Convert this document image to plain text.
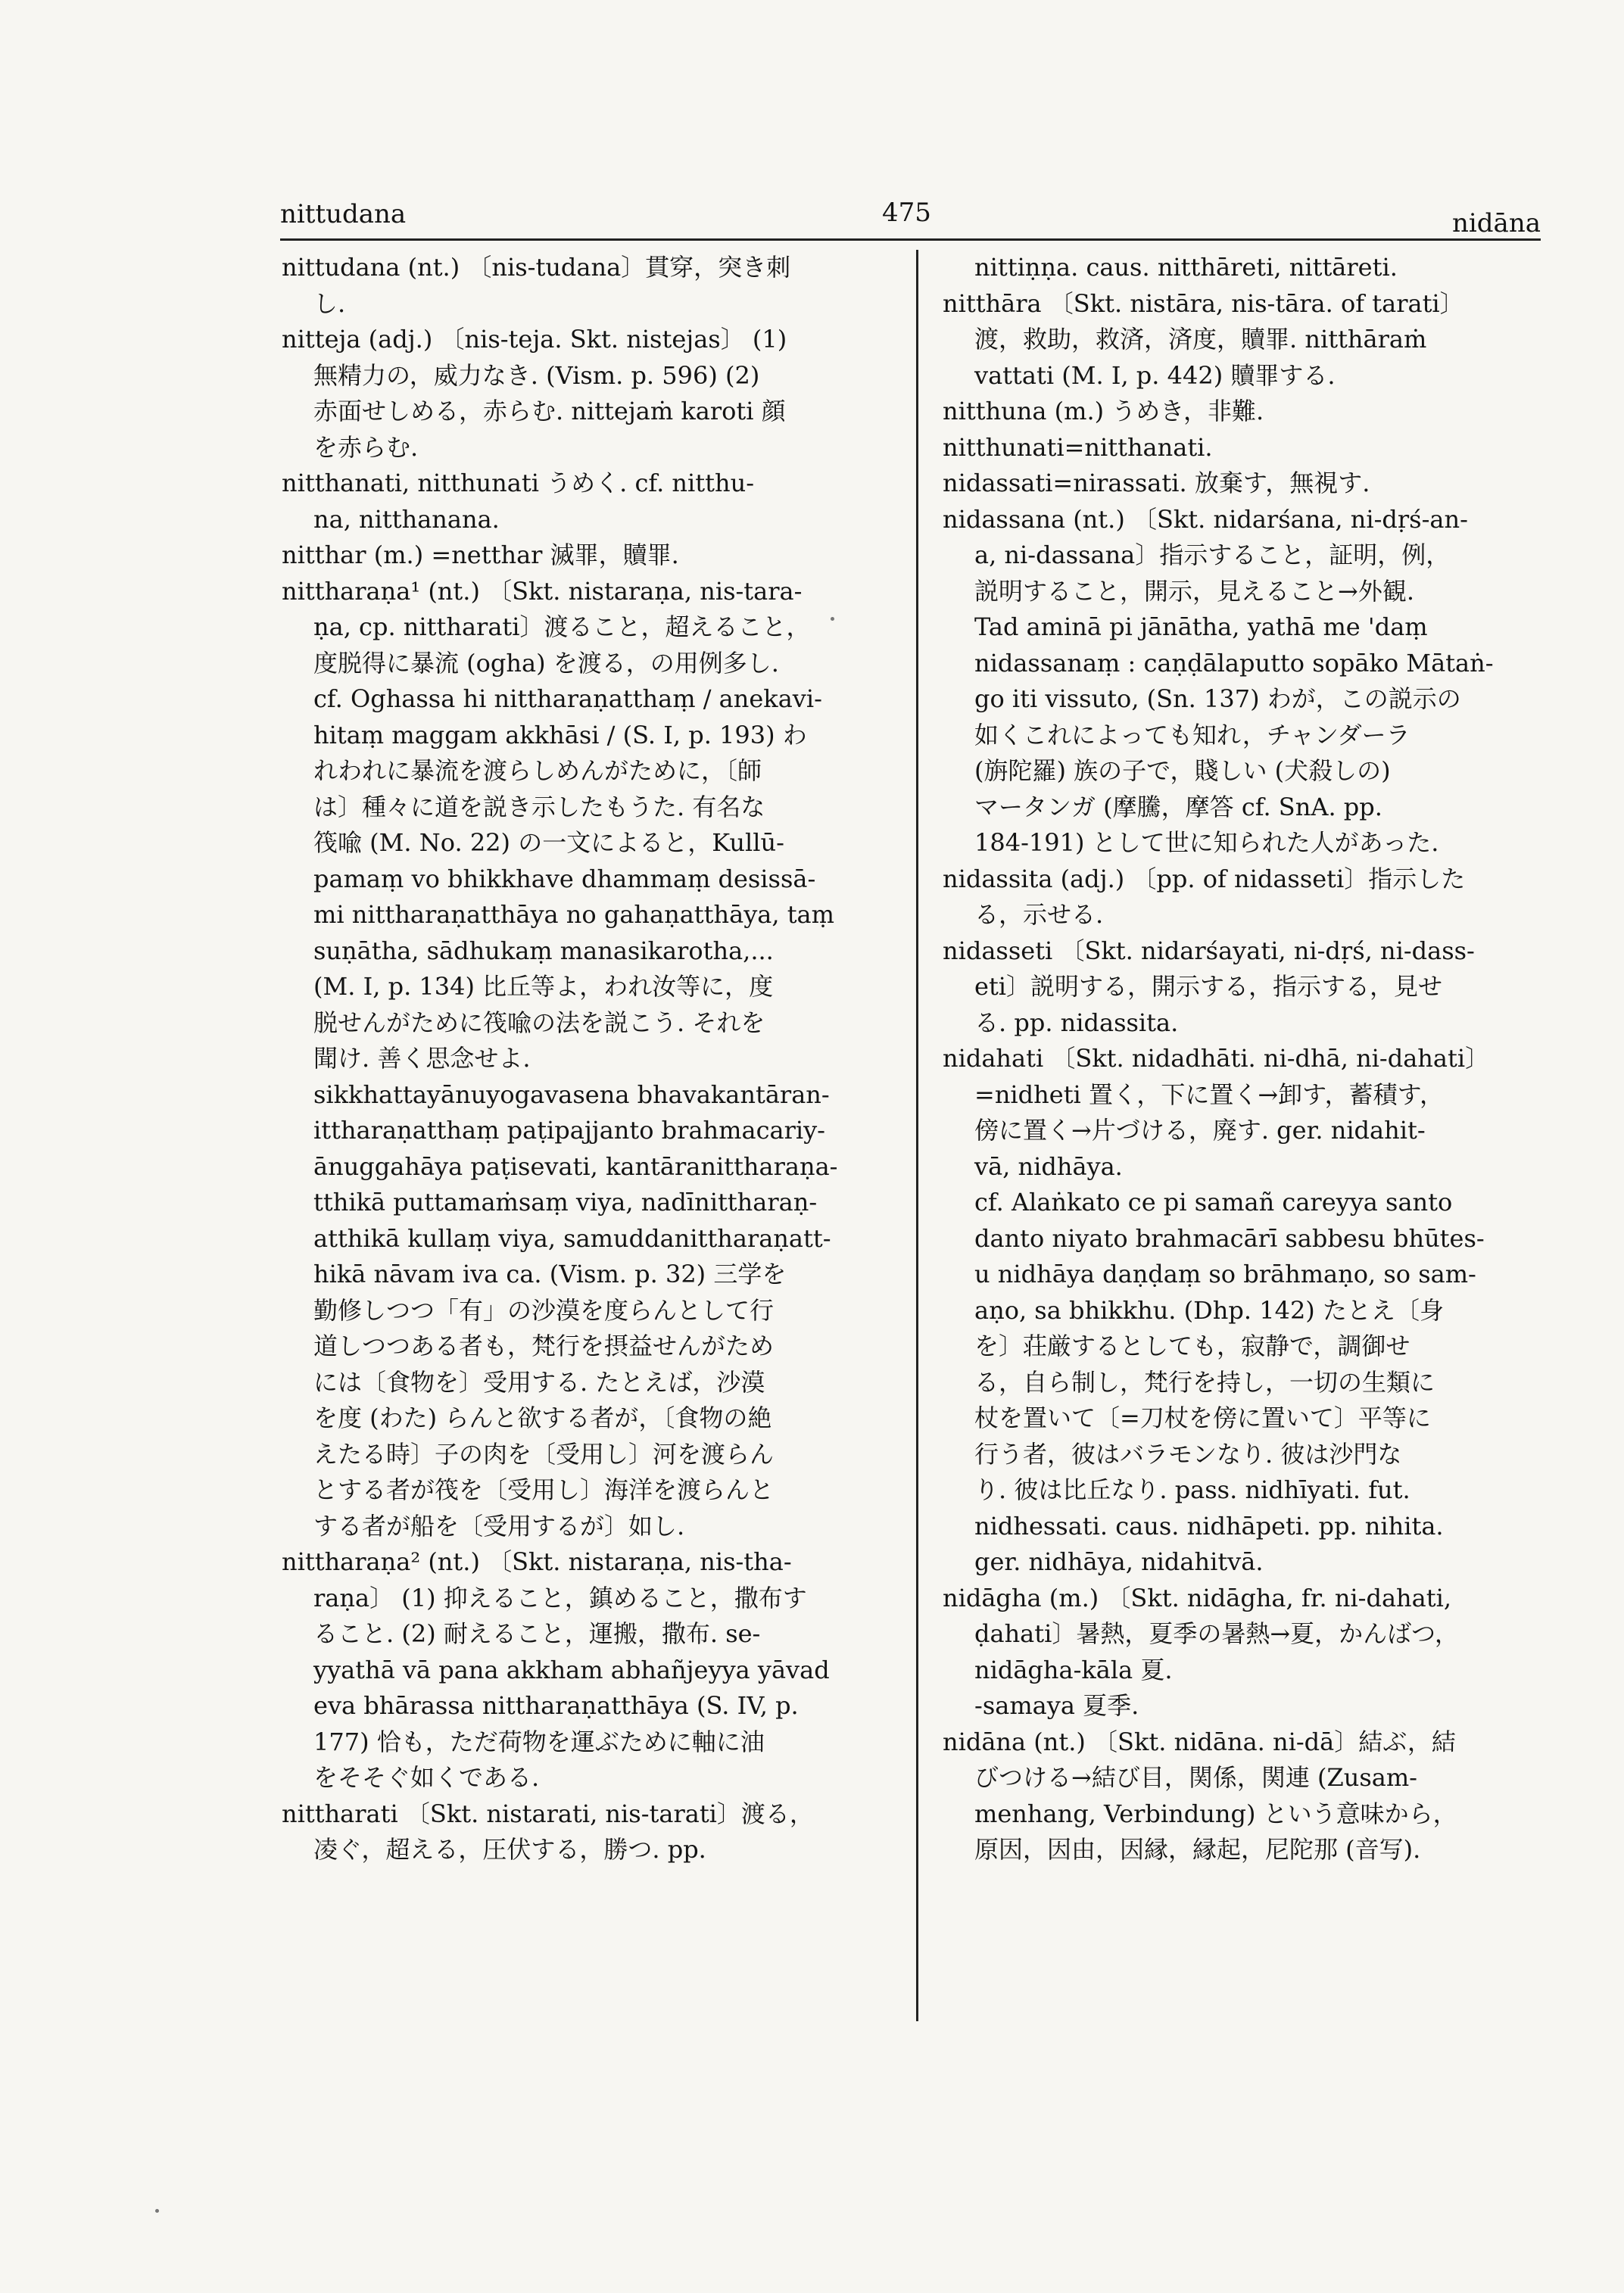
nittudana	475	nidāna

nittudana (nt.) 〔nis-tudana〕貫穿，突き刺

し.

nitteja (adj.) 〔nis-teja. Skt. nistejas〕 (1)

無精力の，威力なき. (Vism. p. 596) (2)

赤面せしめる，赤らむ. nittejaṁ karoti 顔

を赤らむ.

nitthanati, nitthunati うめく. cf. nitthu-

na, nitthanana.

nitthar (m.) =netthar 滅罪，贖罪.

nittharaṇa¹ (nt.) 〔Skt. nistaraṇa, nis-tara-

ṇa, cp. nittharati〕渡ること，超えること，

度脱得に暴流 (ogha) を渡る，の用例多し.

cf. Oghassa hi nittharaṇatthaṃ / anekavi-

hitaṃ maggam akkhāsi / (S. I, p. 193) わ

れわれに暴流を渡らしめんがために，〔師

は〕種々に道を説き示したもうた. 有名な

筏喩 (M. No. 22) の一文によると，Kullū-

pamaṃ vo bhikkhave dhammaṃ desissā-

mi nittharaṇatthāya no gahaṇatthāya, taṃ

suṇātha, sādhukaṃ manasikarotha,...

(M. I, p. 134) 比丘等よ，われ汝等に，度

脱せんがために筏喩の法を説こう. それを

聞け. 善く思念せよ.

sikkhattayānuyogavasena bhavakantāran-

ittharaṇatthaṃ paṭipajjanto brahmacariy-

ānuggahāya paṭisevati, kantāranittharaṇa-

tthikā puttamaṁsaṃ viya, nadīnittharaṇ-

atthikā kullaṃ viya, samuddanittharaṇatt-

hikā nāvam iva ca. (Vism. p. 32) 三学を

勤修しつつ「有」の沙漠を度らんとして行

道しつつある者も，梵行を摂益せんがため

には〔食物を〕受用する. たとえば，沙漠

を度 (わた) らんと欲する者が，〔食物の絶

えたる時〕子の肉を〔受用し〕河を渡らん

とする者が筏を〔受用し〕海洋を渡らんと

する者が船を〔受用するが〕如し.

nittharaṇa² (nt.) 〔Skt. nistaraṇa, nis-tha-

raṇa〕 (1) 抑えること，鎮めること，撒布す

ること. (2) 耐えること，運搬，撒布. se-

yyathā vā pana akkham abhañjeyya yāvad

eva bhārassa nittharaṇatthāya (S. IV, p.

177) 恰も，ただ荷物を運ぶために軸に油

をそそぐ如くである.

nittharati 〔Skt. nistarati, nis-tarati〕渡る，

凌ぐ，超える，圧伏する，勝つ. pp.

nittiṇṇa. caus. nitthāreti, nittāreti.

nitthāra 〔Skt. nistāra, nis-tāra. of tarati〕

渡，救助，救済，済度，贖罪. nitthāraṁ

vattati (M. I, p. 442) 贖罪する.

nitthuna (m.) うめき，非難.

nitthunati=nitthanati.

nidassati=nirassati. 放棄す，無視す.

nidassana (nt.) 〔Skt. nidarśana, ni-dṛś-an-

a, ni-dassana〕指示すること，証明，例，

説明すること，開示，見えること→外観.

Tad aminā pi jānātha, yathā me 'daṃ

nidassanaṃ : caṇḍālaputto sopāko Mātaṅ-

go iti vissuto, (Sn. 137) わが，この説示の

如くこれによっても知れ，チャンダーラ

(旃陀羅) 族の子で，賤しい (犬殺しの)

マータンガ (摩騰，摩答 cf. SnA. pp.

184-191) として世に知られた人があった.

nidassita (adj.) 〔pp. of nidasseti〕指示した

る，示せる.

nidasseti 〔Skt. nidarśayati, ni-dṛś, ni-dass-

eti〕説明する，開示する，指示する，見せ

る. pp. nidassita.

nidahati 〔Skt. nidadhāti. ni-dhā, ni-dahati〕

=nidheti 置く，下に置く→卸す，蓄積す，

傍に置く→片づける，廃す. ger. nidahit-

vā, nidhāya.

cf. Alaṅkato ce pi samañ careyya santo

danto niyato brahmacārī sabbesu bhūtes-

u nidhāya daṇḍaṃ so brāhmaṇo, so sam-

aṇo, sa bhikkhu. (Dhp. 142) たとえ〔身

を〕荘厳するとしても，寂静で，調御せ

る，自ら制し，梵行を持し，一切の生類に

杖を置いて〔=刀杖を傍に置いて〕平等に

行う者，彼はバラモンなり. 彼は沙門な

り. 彼は比丘なり. pass. nidhīyati. fut.

nidhessati. caus. nidhāpeti. pp. nihita.

ger. nidhāya, nidahitvā.

nidāgha (m.) 〔Skt. nidāgha, fr. ni-dahati,

ḍahati〕暑熱，夏季の暑熱→夏，かんばつ，

nidāgha-kāla 夏.

-samaya 夏季.

nidāna (nt.) 〔Skt. nidāna. ni-dā〕結ぶ，結

びつける→結び目，関係，関連 (Zusam-

menhang, Verbindung) という意味から，

原因，因由，因縁，縁起，尼陀那 (音写).
